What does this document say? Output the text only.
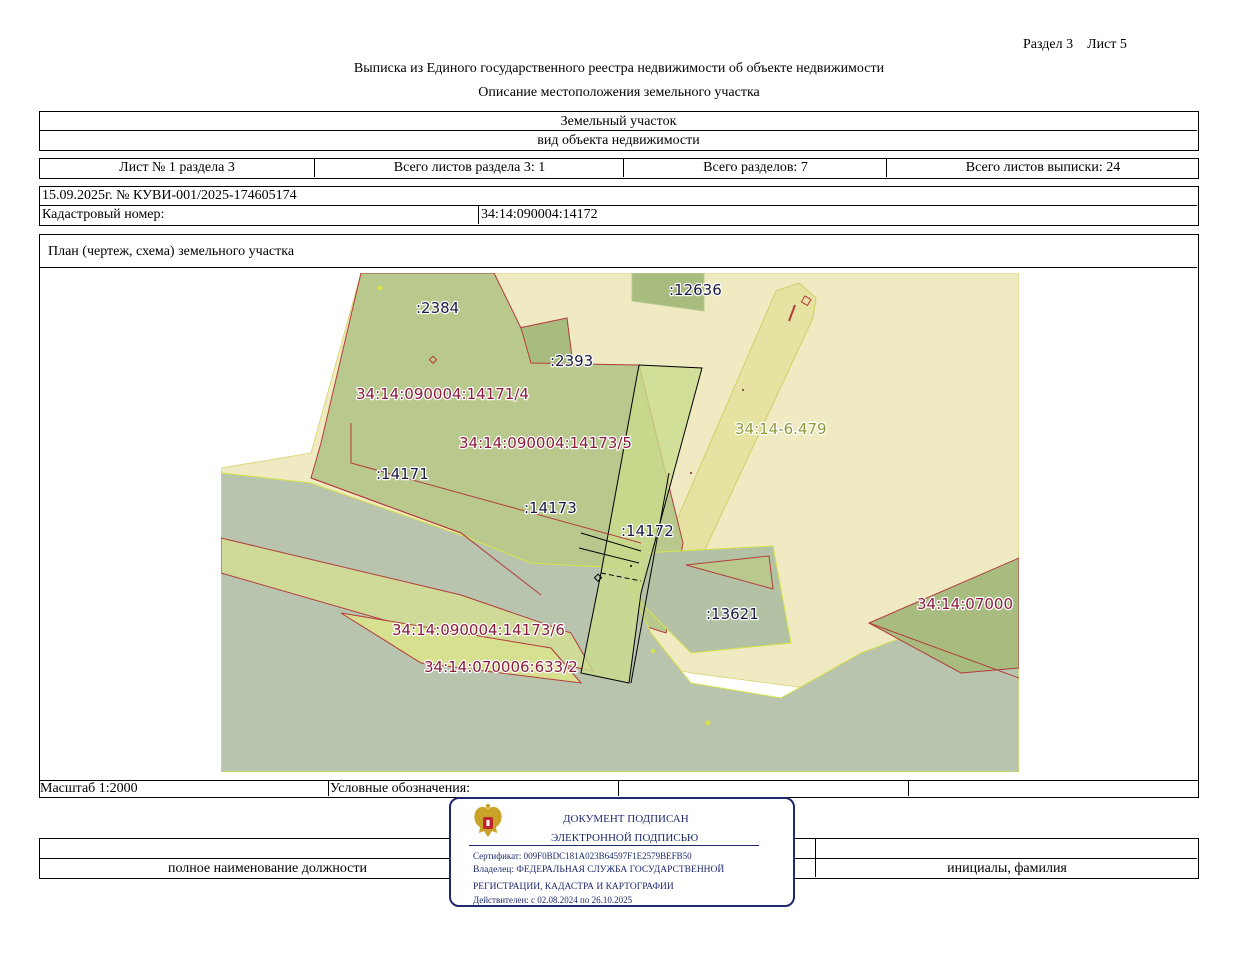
Раздел 3    Лист 5
Выписка из Единого государственного реестра недвижимости об объекте недвижимости
Описание местоположения земельного участка
Земельный участок
вид объекта недвижимости
Лист № 1 раздела 3	Всего листов раздела 3: 1	Всего разделов: 7	Всего листов выписки: 24
15.09.2025г. № КУВИ-001/2025-174605174
Кадастровый номер:	34:14:090004:14172
План (чертеж, схема) земельного участка
:2384
:12636
:2393
34:14:090004:14171/4
34:14:090004:14173/5
34:14-6.479
:14171
:14173
:14172
:13621
34:14:07000
34:14:090004:14173/6
34:14:070006:633/2
Масштаб 1:2000	Условные обозначения:
полное наименование должности	инициалы, фамилия
ДОКУМЕНТ ПОДПИСАН
ЭЛЕКТРОННОЙ ПОДПИСЬЮ
Сертификат: 009F0BDC181A023B64597F1E2579BEFB50
Владелец: ФЕДЕРАЛЬНАЯ СЛУЖБА ГОСУДАРСТВЕННОЙ
РЕГИСТРАЦИИ, КАДАСТРА И КАРТОГРАФИИ
Действителен: с 02.08.2024 по 26.10.2025
